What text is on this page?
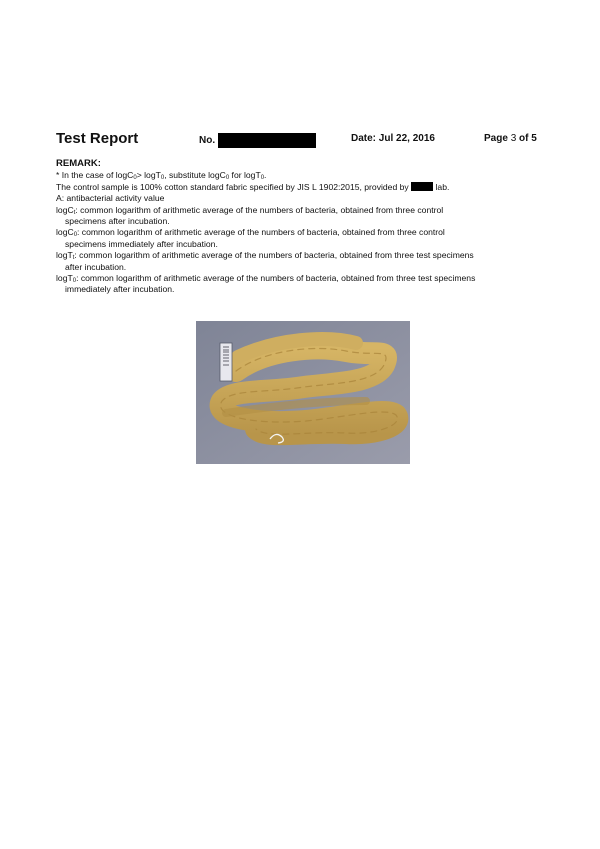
Test Report	No.	Date: Jul 22, 2016	Page 3 of 5
REMARK:
* In the case of logC$_0$> logT$_0$, substitute logC$_0$ for logT$_0$.
The control sample is 100% cotton standard fabric specified by JIS L 1902:2015, provided by	lab.
A: antibacterial activity value
logC$_t$: common logarithm of arithmetic average of the numbers of bacteria, obtained from three control
specimens after incubation.
logC$_0$: common logarithm of arithmetic average of the numbers of bacteria, obtained from three control
specimens immediately after incubation.
logT$_t$: common logarithm of arithmetic average of the numbers of bacteria, obtained from three test specimens
after incubation.
logT$_0$: common logarithm of arithmetic average of the numbers of bacteria, obtained from three test specimens
immediately after incubation.
